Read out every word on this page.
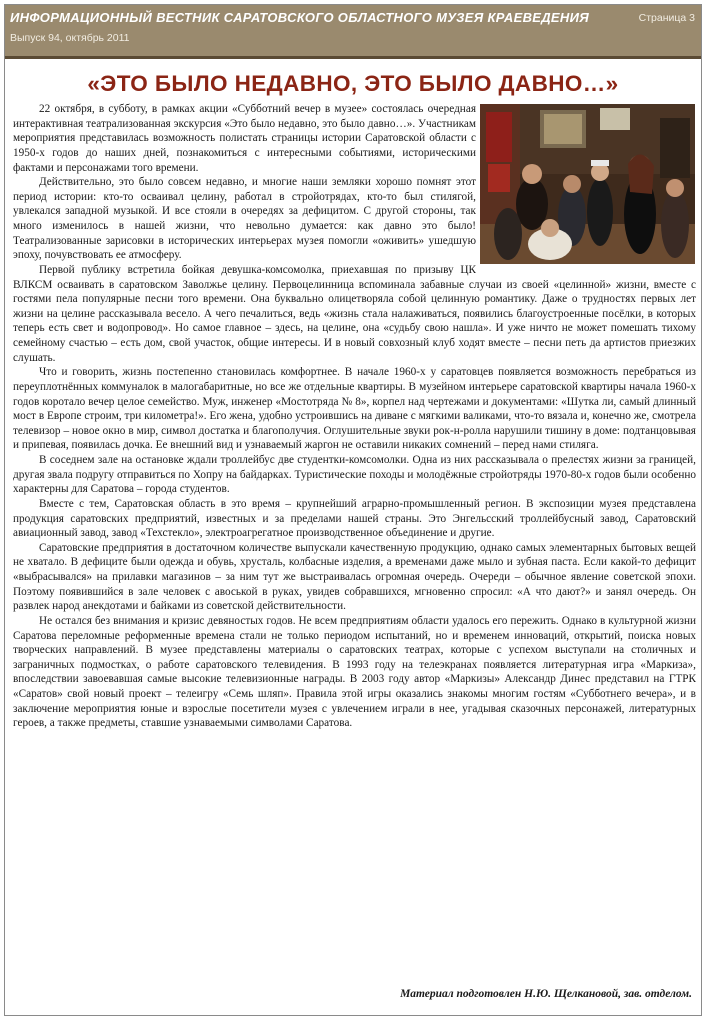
ИНФОРМАЦИОННЫЙ ВЕСТНИК САРАТОВСКОГО ОБЛАСТНОГО МУЗЕЯ КРАЕВЕДЕНИЯ
Выпуск 94, октябрь 2011
Страница 3
«ЭТО БЫЛО НЕДАВНО, ЭТО БЫЛО ДАВНО…»

22 октября, в субботу, в рамках акции «Субботний вечер в музее» состоялась очередная интерактивная театрализованная экскурсия «Это было недавно, это было давно…». Участникам мероприятия представилась возможность полистать страницы истории Саратовской области с 1950-х годов до наших дней, познакомиться с интересными событиями, историческими фактами и персонажами того времени.

Действительно, это было совсем недавно, и многие наши земляки хорошо помнят этот период истории: кто-то осваивал целину, работал в стройотрядах, кто-то был стилягой, увлекался западной музыкой. И все стояли в очередях за дефицитом. С другой стороны, так много изменилось в нашей жизни, что невольно думается: как давно это было! Театрализованные зарисовки в исторических интерьерах музея помогли «оживить» ушедшую эпоху, почувствовать ее атмосферу.

Первой публику встретила бойкая девушка-комсомолка, приехавшая по призыву ЦК ВЛКСМ осваивать в саратовском Заволжье целину. Первоцелинница вспоминала забавные случаи из своей «целинной» жизни, вместе с гостями пела популярные песни того времени. Она буквально олицетворяла собой целинную романтику. Даже о трудностях первых лет жизни на целине рассказывала весело. А чего печалиться, ведь «жизнь стала налаживаться, появились благоустроенные посёлки, в которых теперь есть свет и водопровод». Но самое главное – здесь, на целине, она «судьбу свою нашла». И уже ничто не может помешать тихому семейному счастью – есть дом, свой участок, общие интересы. И в новый совхозный клуб ходят вместе – песни петь да артистов приезжих слушать.

Что и говорить, жизнь постепенно становилась комфортнее. В начале 1960-х у саратовцев появляется возможность перебраться из переуплотнённых коммуналок в малогабаритные, но все же отдельные квартиры. В музейном интерьере саратовской квартиры начала 1960-х годов коротало вечер целое семейство. Муж, инженер «Мостотряда № 8», корпел над чертежами и документами: «Шутка ли, самый длинный мост в Европе строим, три километра!». Его жена, удобно устроившись на диване с мягкими валиками, что-то вязала и, конечно же, смотрела телевизор – новое окно в мир, символ достатка и благополучия. Оглушительные звуки рок-н-ролла нарушили тишину в доме: подтанцовывая и припевая, появилась дочка. Ее внешний вид и узнаваемый жаргон не оставили никаких сомнений – перед нами стиляга.

В соседнем зале на остановке ждали троллейбус две студентки-комсомолки. Одна из них рассказывала о прелестях жизни за границей, другая звала подругу отправиться по Хопру на байдарках. Туристические походы и молодёжные стройотряды 1970-80-х годов были особенно характерны для Саратова – города студентов.

Вместе с тем, Саратовская область в это время – крупнейший аграрно-промышленный регион. В экспозиции музея представлена продукция саратовских предприятий, известных и за пределами нашей страны. Это Энгельсский троллейбусный завод, Саратовский авиационный завод, завод «Техстекло», электроагрегатное производственное объединение и другие.

Саратовские предприятия в достаточном количестве выпускали качественную продукцию, однако самых элементарных бытовых вещей не хватало. В дефиците были одежда и обувь, хрусталь, колбасные изделия, а временами даже мыло и зубная паста. Если какой-то дефицит «выбрасывался» на прилавки магазинов – за ним тут же выстраивалась огромная очередь. Очереди – обычное явление советской эпохи. Поэтому появившийся в зале человек с авоськой в руках, увидев собравшихся, мгновенно спросил: «А что дают?» и занял очередь. Он развлек народ анекдотами и байками из советской действительности.

Не остался без внимания и кризис девяностых годов. Не всем предприятиям области удалось его пережить. Однако в культурной жизни Саратова переломные реформенные времена стали не только периодом испытаний, но и временем инноваций, открытий, поиска новых творческих направлений. В музее представлены материалы о саратовских театрах, которые с успехом выступали на столичных и заграничных подмостках, о работе саратовского телевидения. В 1993 году на телеэкранах появляется литературная игра «Маркиза», впоследствии завоевавшая самые высокие телевизионные награды. В 2003 году автор «Маркизы» Александр Динес представил на ГТРК «Саратов» свой новый проект – телеигру «Семь шляп». Правила этой игры оказались знакомы многим гостям «Субботнего вечера», и в заключение мероприятия юные и взрослые посетители музея с увлечением играли в нее, угадывая сказочных персонажей, литературных героев, а также предметы, ставшие узнаваемыми символами Саратова.

Материал подготовлен Н.Ю. Щелкановой, зав. отделом.
